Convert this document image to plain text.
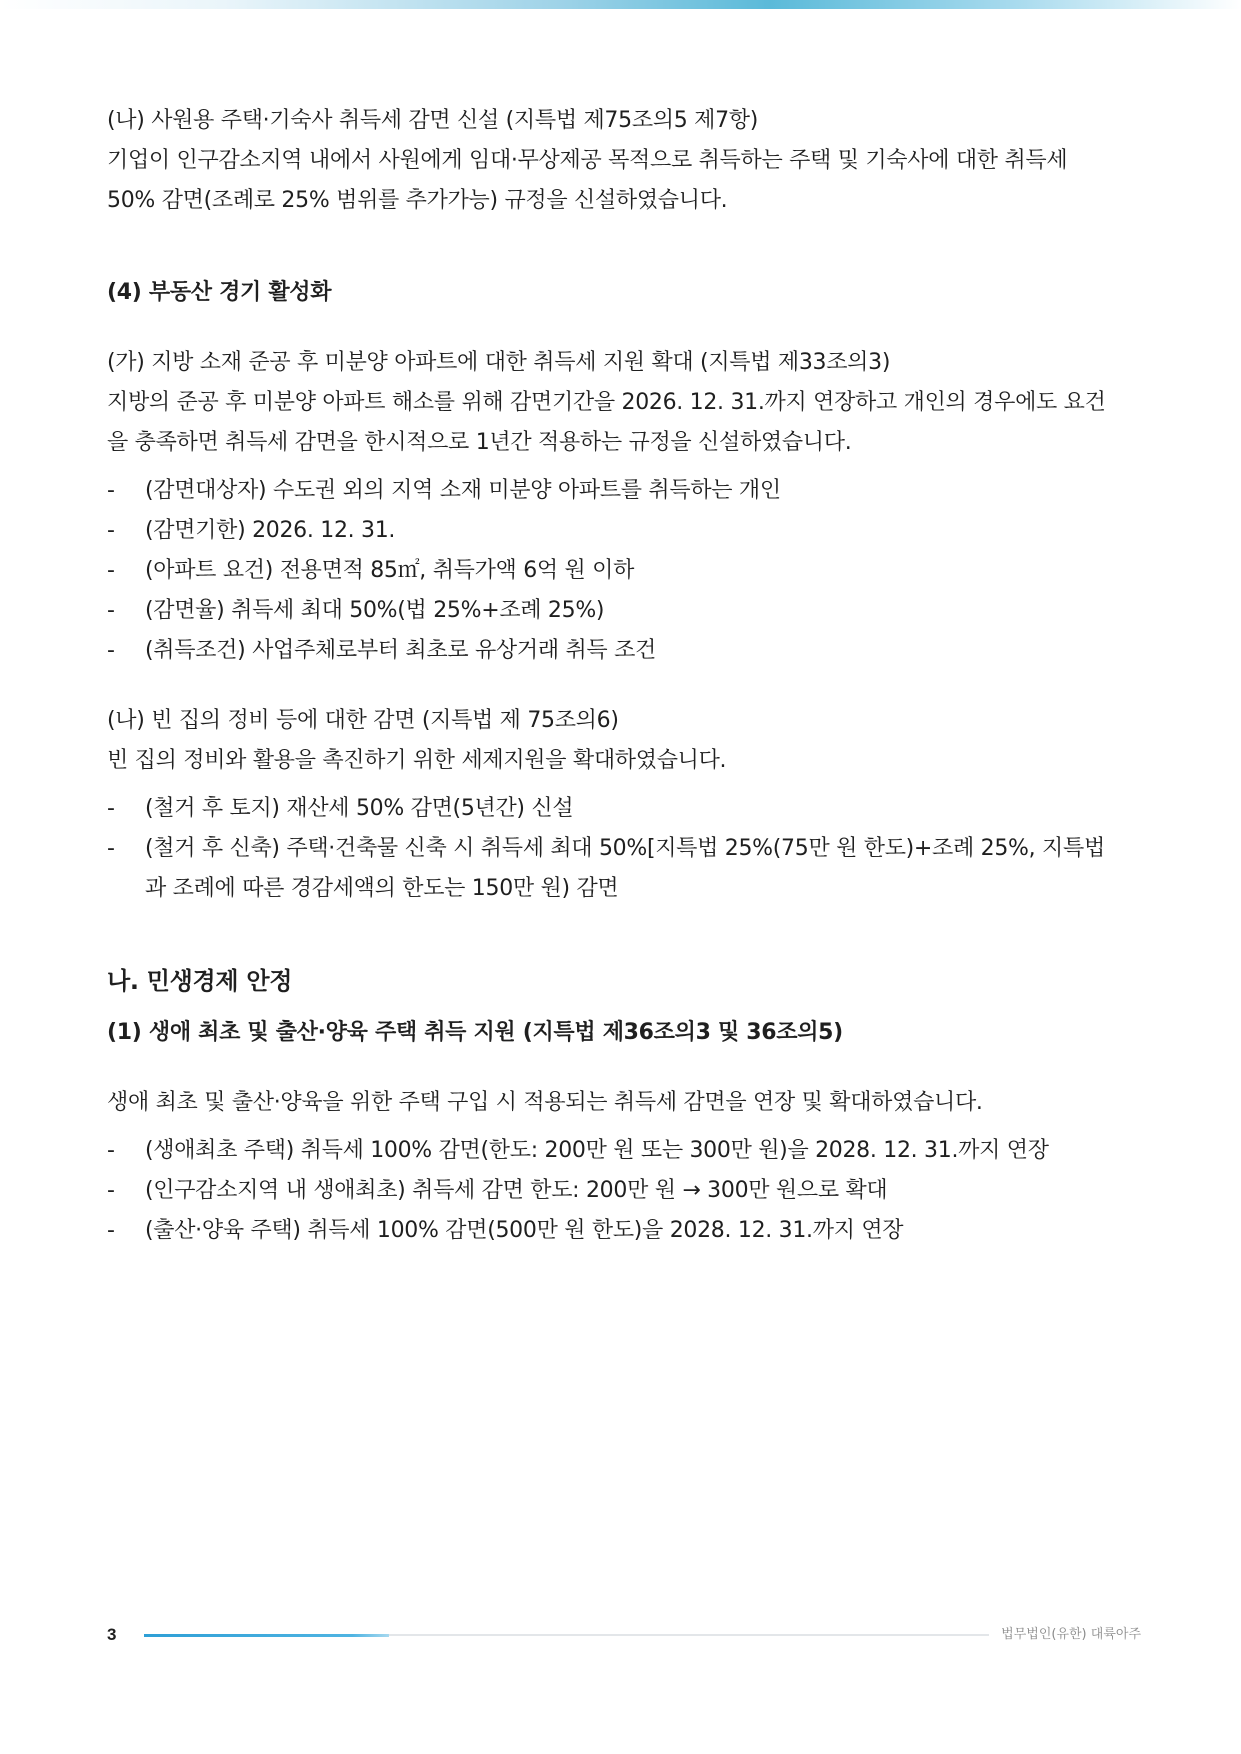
(나) 사원용 주택·기숙사 취득세 감면 신설 (지특법 제75조의5 제7항)

기업이 인구감소지역 내에서 사원에게 임대·무상제공 목적으로 취득하는 주택 및 기숙사에 대한 취득세

50% 감면(조례로 25% 범위를 추가가능) 규정을 신설하였습니다.

(4) 부동산 경기 활성화

(가) 지방 소재 준공 후 미분양 아파트에 대한 취득세 지원 확대 (지특법 제33조의3)

지방의 준공 후 미분양 아파트 해소를 위해 감면기간을 2026. 12. 31.까지 연장하고 개인의 경우에도 요건

을 충족하면 취득세 감면을 한시적으로 1년간 적용하는 규정을 신설하였습니다.

- (감면대상자) 수도권 외의 지역 소재 미분양 아파트를 취득하는 개인
- (감면기한) 2026. 12. 31.
- (아파트 요건) 전용면적 85㎡, 취득가액 6억 원 이하
- (감면율) 취득세 최대 50%(법 25%+조례 25%)
- (취득조건) 사업주체로부터 최초로 유상거래 취득 조건

(나) 빈 집의 정비 등에 대한 감면 (지특법 제 75조의6)

빈 집의 정비와 활용을 촉진하기 위한 세제지원을 확대하였습니다.

- (철거 후 토지) 재산세 50% 감면(5년간) 신설
- (철거 후 신축) 주택·건축물 신축 시 취득세 최대 50%[지특법 25%(75만 원 한도)+조례 25%, 지특법과 조례에 따른 경감세액의 한도는 150만 원) 감면

나. 민생경제 안정

(1) 생애 최초 및 출산·양육 주택 취득 지원 (지특법 제36조의3 및 36조의5)

생애 최초 및 출산·양육을 위한 주택 구입 시 적용되는 취득세 감면을 연장 및 확대하였습니다.

- (생애최초 주택) 취득세 100% 감면(한도: 200만 원 또는 300만 원)을 2028. 12. 31.까지 연장
- (인구감소지역 내 생애최초) 취득세 감면 한도: 200만 원 → 300만 원으로 확대
- (출산·양육 주택) 취득세 100% 감면(500만 원 한도)을 2028. 12. 31.까지 연장
3	법무법인(유한) 대륙아주
